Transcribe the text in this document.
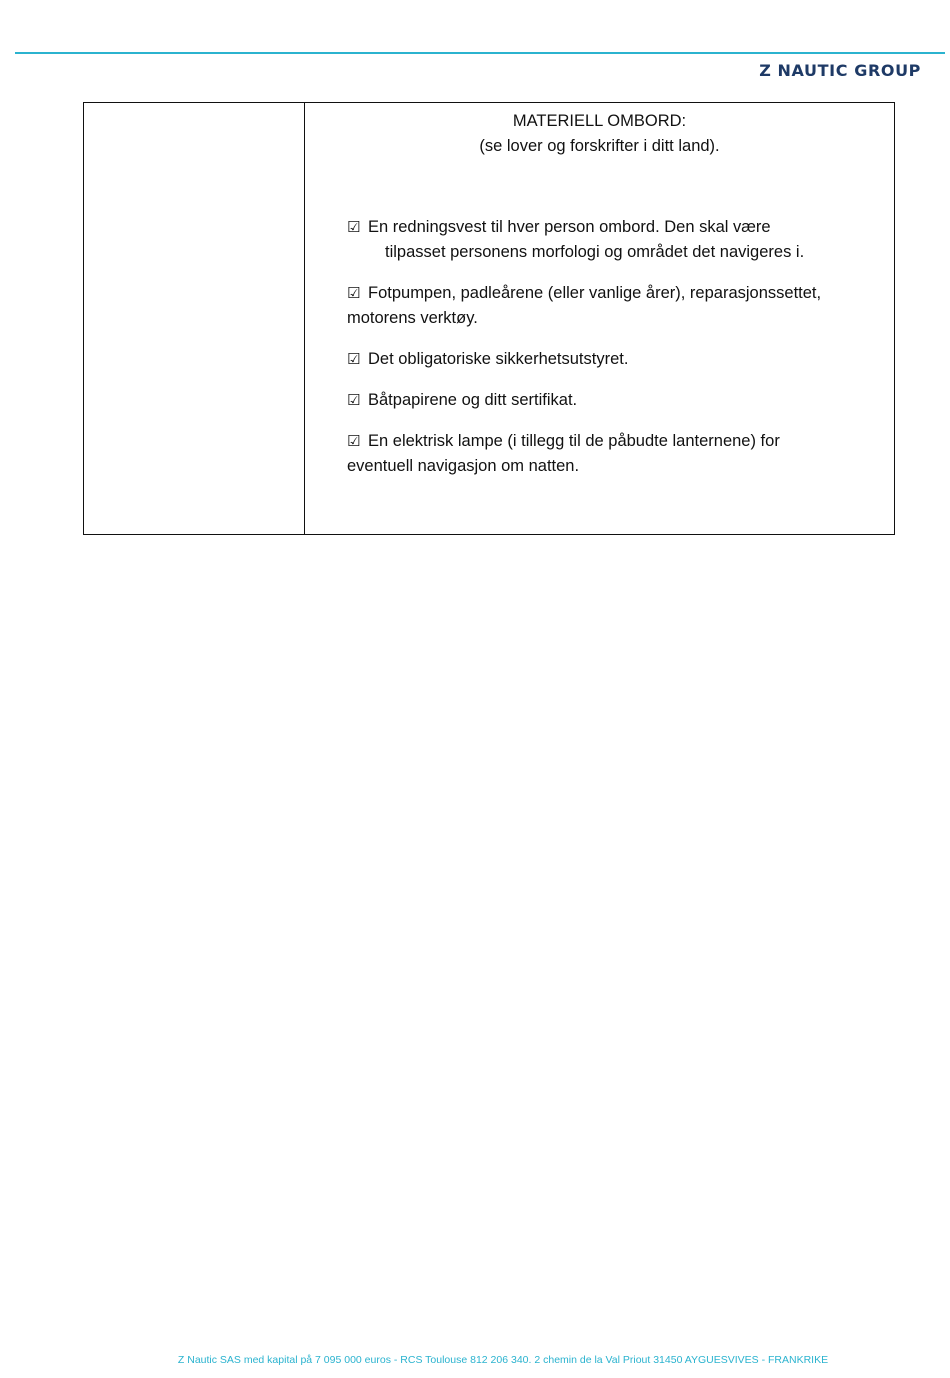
Z NAUTIC GROUP
MATERIELL OMBORD:
(se lover og forskrifter i ditt land).

☑ En redningsvest til hver person ombord. Den skal være
tilpasset personens morfologi og området det navigeres i.

☑ Fotpumpen, padleårene (eller vanlige årer), reparasjonssettet,
motorens verktøy.

☑ Det obligatoriske sikkerhetsutstyret.

☑ Båtpapirene og ditt sertifikat.

☑ En elektrisk lampe (i tillegg til de påbudte lanternene) for
eventuell navigasjon om natten.

Z Nautic SAS med kapital på 7 095 000 euros - RCS Toulouse 812 206 340. 2 chemin de la Val Priout 31450 AYGUESVIVES - FRANKRIKE
